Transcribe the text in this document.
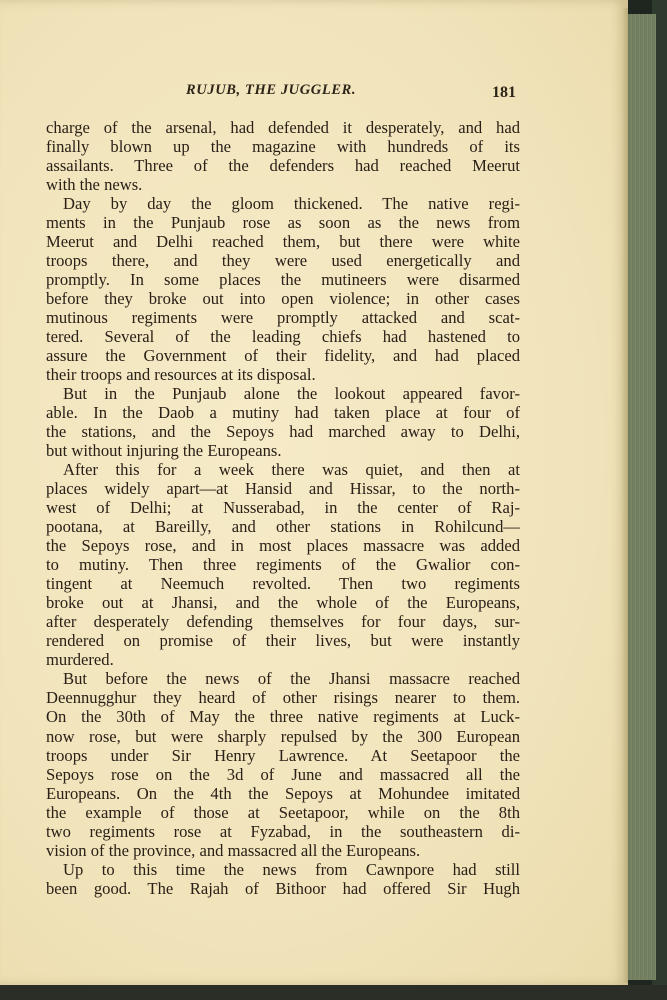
RUJUB, THE JUGGLER.	181
charge of the arsenal, had defended it desperately, and had
finally blown up the magazine with hundreds of its
assailants. Three of the defenders had reached Meerut
with the news.
Day by day the gloom thickened. The native regi-
ments in the Punjaub rose as soon as the news from
Meerut and Delhi reached them, but there were white
troops there, and they were used energetically and
promptly. In some places the mutineers were disarmed
before they broke out into open violence; in other cases
mutinous regiments were promptly attacked and scat-
tered. Several of the leading chiefs had hastened to
assure the Government of their fidelity, and had placed
their troops and resources at its disposal.
But in the Punjaub alone the lookout appeared favor-
able. In the Daob a mutiny had taken place at four of
the stations, and the Sepoys had marched away to Delhi,
but without injuring the Europeans.
After this for a week there was quiet, and then at
places widely apart—at Hansid and Hissar, to the north-
west of Delhi; at Nusserabad, in the center of Raj-
pootana, at Bareilly, and other stations in Rohilcund—
the Sepoys rose, and in most places massacre was added
to mutiny. Then three regiments of the Gwalior con-
tingent at Neemuch revolted. Then two regiments
broke out at Jhansi, and the whole of the Europeans,
after desperately defending themselves for four days, sur-
rendered on promise of their lives, but were instantly
murdered.
But before the news of the Jhansi massacre reached
Deennugghur they heard of other risings nearer to them.
On the 30th of May the three native regiments at Luck-
now rose, but were sharply repulsed by the 300 European
troops under Sir Henry Lawrence. At Seetapoor the
Sepoys rose on the 3d of June and massacred all the
Europeans. On the 4th the Sepoys at Mohundee imitated
the example of those at Seetapoor, while on the 8th
two regiments rose at Fyzabad, in the southeastern di-
vision of the province, and massacred all the Europeans.
Up to this time the news from Cawnpore had still
been good. The Rajah of Bithoor had offered Sir Hugh
